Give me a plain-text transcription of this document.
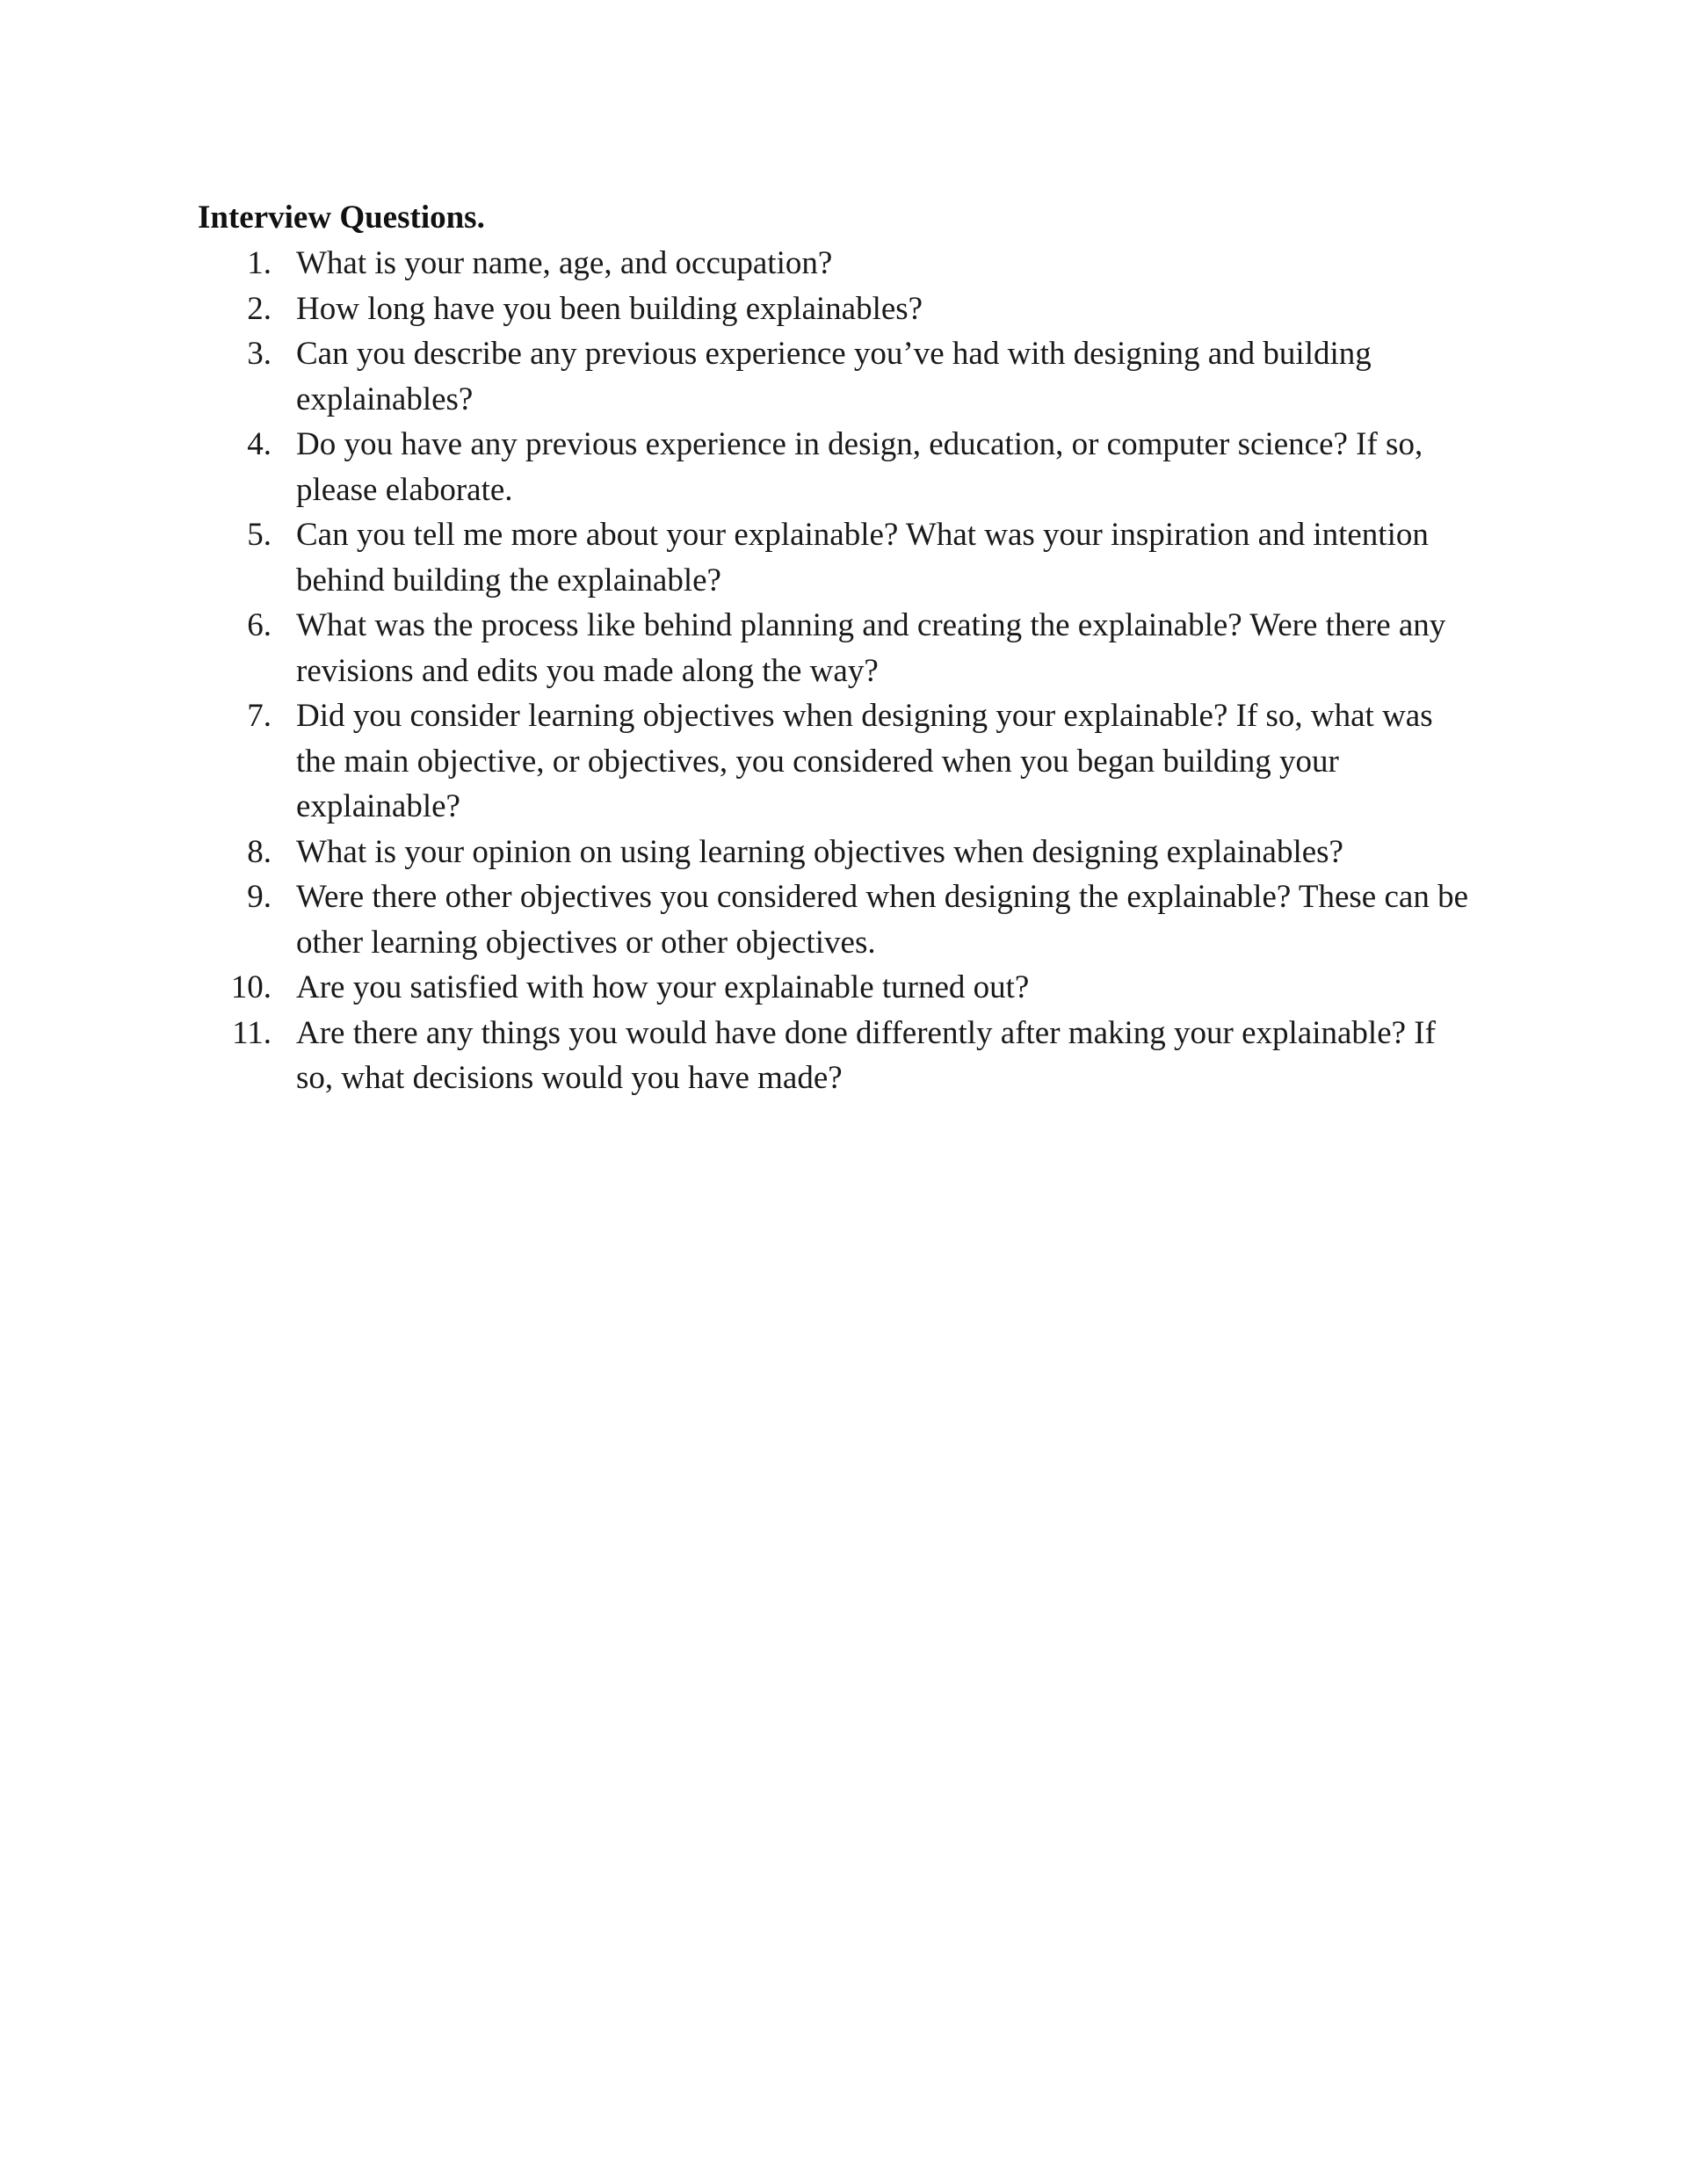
Interview Questions.

1. What is your name, age, and occupation?
2. How long have you been building explainables?
3. Can you describe any previous experience you’ve had with designing and building explainables?
4. Do you have any previous experience in design, education, or computer science? If so, please elaborate.
5. Can you tell me more about your explainable? What was your inspiration and intention behind building the explainable?
6. What was the process like behind planning and creating the explainable? Were there any revisions and edits you made along the way?
7. Did you consider learning objectives when designing your explainable? If so, what was the main objective, or objectives, you considered when you began building your explainable?
8. What is your opinion on using learning objectives when designing explainables?
9. Were there other objectives you considered when designing the explainable? These can be other learning objectives or other objectives.
10. Are you satisfied with how your explainable turned out?
11. Are there any things you would have done differently after making your explainable? If so, what decisions would you have made?
